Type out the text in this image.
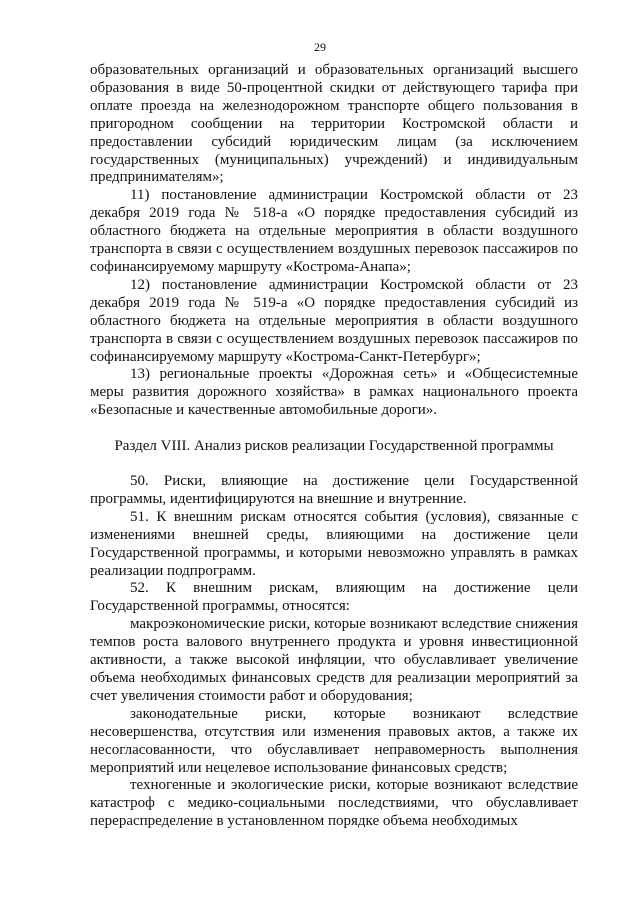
29

образовательных организаций и образовательных организаций высшего образования в виде 50-процентной скидки от действующего тарифа при оплате проезда на железнодорожном транспорте общего пользования в пригородном сообщении на территории Костромской области и предоставлении субсидий юридическим лицам (за исключением государственных (муниципальных) учреждений) и индивидуальным предпринимателям»;

11) постановление администрации Костромской области от 23 декабря 2019 года № 518-а «О порядке предоставления субсидий из областного бюджета на отдельные мероприятия в области воздушного транспорта в связи с осуществлением воздушных перевозок пассажиров по софинансируемому маршруту «Кострома-Анапа»;

12) постановление администрации Костромской области от 23 декабря 2019 года № 519-а «О порядке предоставления субсидий из областного бюджета на отдельные мероприятия в области воздушного транспорта в связи с осуществлением воздушных перевозок пассажиров по софинансируемому маршруту «Кострома-Санкт-Петербург»;

13) региональные проекты «Дорожная сеть» и «Общесистемные меры развития дорожного хозяйства» в рамках национального проекта «Безопасные и качественные автомобильные дороги».

Раздел VIII. Анализ рисков реализации Государственной программы

50. Риски, влияющие на достижение цели Государственной программы, идентифицируются на внешние и внутренние.

51. К внешним рискам относятся события (условия), связанные с изменениями внешней среды, влияющими на достижение цели Государственной программы, и которыми невозможно управлять в рамках реализации подпрограмм.

52. К внешним рискам, влияющим на достижение цели Государственной программы, относятся:

макроэкономические риски, которые возникают вследствие снижения темпов роста валового внутреннего продукта и уровня инвестиционной активности, а также высокой инфляции, что обуславливает увеличение объема необходимых финансовых средств для реализации мероприятий за счет увеличения стоимости работ и оборудования;

законодательные риски, которые возникают вследствие несовершенства, отсутствия или изменения правовых актов, а также их несогласованности, что обуславливает неправомерность выполнения мероприятий или нецелевое использование финансовых средств;

техногенные и экологические риски, которые возникают вследствие катастроф с медико-социальными последствиями, что обуславливает перераспределение в установленном порядке объема необходимых
